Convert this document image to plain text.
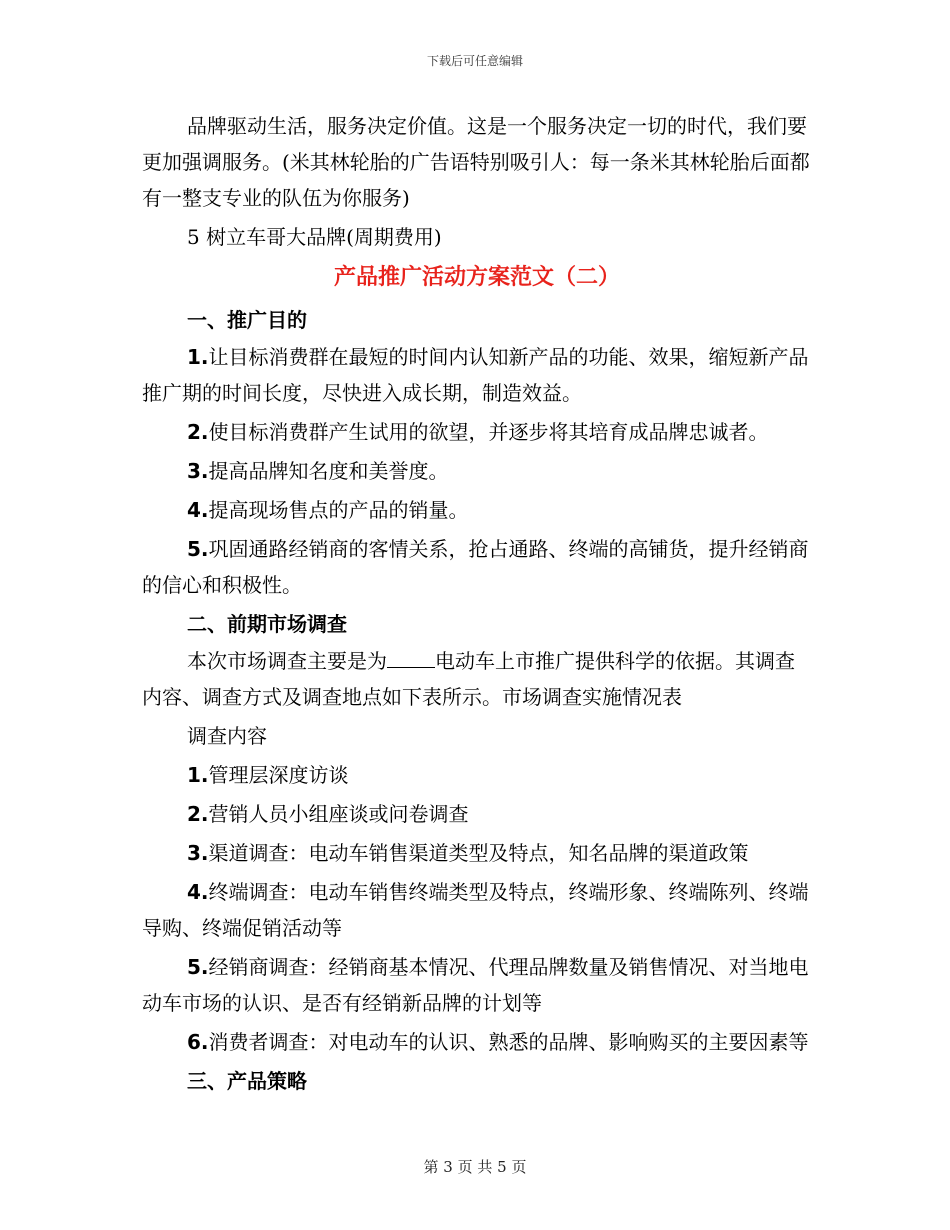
下载后可任意编辑

品牌驱动生活，服务决定价值。这是一个服务决定一切的时代，我们要更加强调服务。(米其林轮胎的广告语特别吸引人：每一条米其林轮胎后面都有一整支专业的队伍为你服务)

5 树立车哥大品牌(周期费用)

产品推广活动方案范文（二）

一、推广目的

1.让目标消费群在最短的时间内认知新产品的功能、效果，缩短新产品推广期的时间长度，尽快进入成长期，制造效益。

2.使目标消费群产生试用的欲望，并逐步将其培育成品牌忠诚者。

3.提高品牌知名度和美誉度。

4.提高现场售点的产品的销量。

5.巩固通路经销商的客情关系，抢占通路、终端的高铺货，提升经销商的信心和积极性。

二、前期市场调查

本次市场调查主要是为 电动车上市推广提供科学的依据。其调查内容、调查方式及调查地点如下表所示。市场调查实施情况表

调查内容

1.管理层深度访谈

2.营销人员小组座谈或问卷调查

3.渠道调查：电动车销售渠道类型及特点，知名品牌的渠道政策

4.终端调查：电动车销售终端类型及特点，终端形象、终端陈列、终端导购、终端促销活动等

5.经销商调查：经销商基本情况、代理品牌数量及销售情况、对当地电动车市场的认识、是否有经销新品牌的计划等

6.消费者调查：对电动车的认识、熟悉的品牌、影响购买的主要因素等

三、产品策略

第 3 页 共 5 页
